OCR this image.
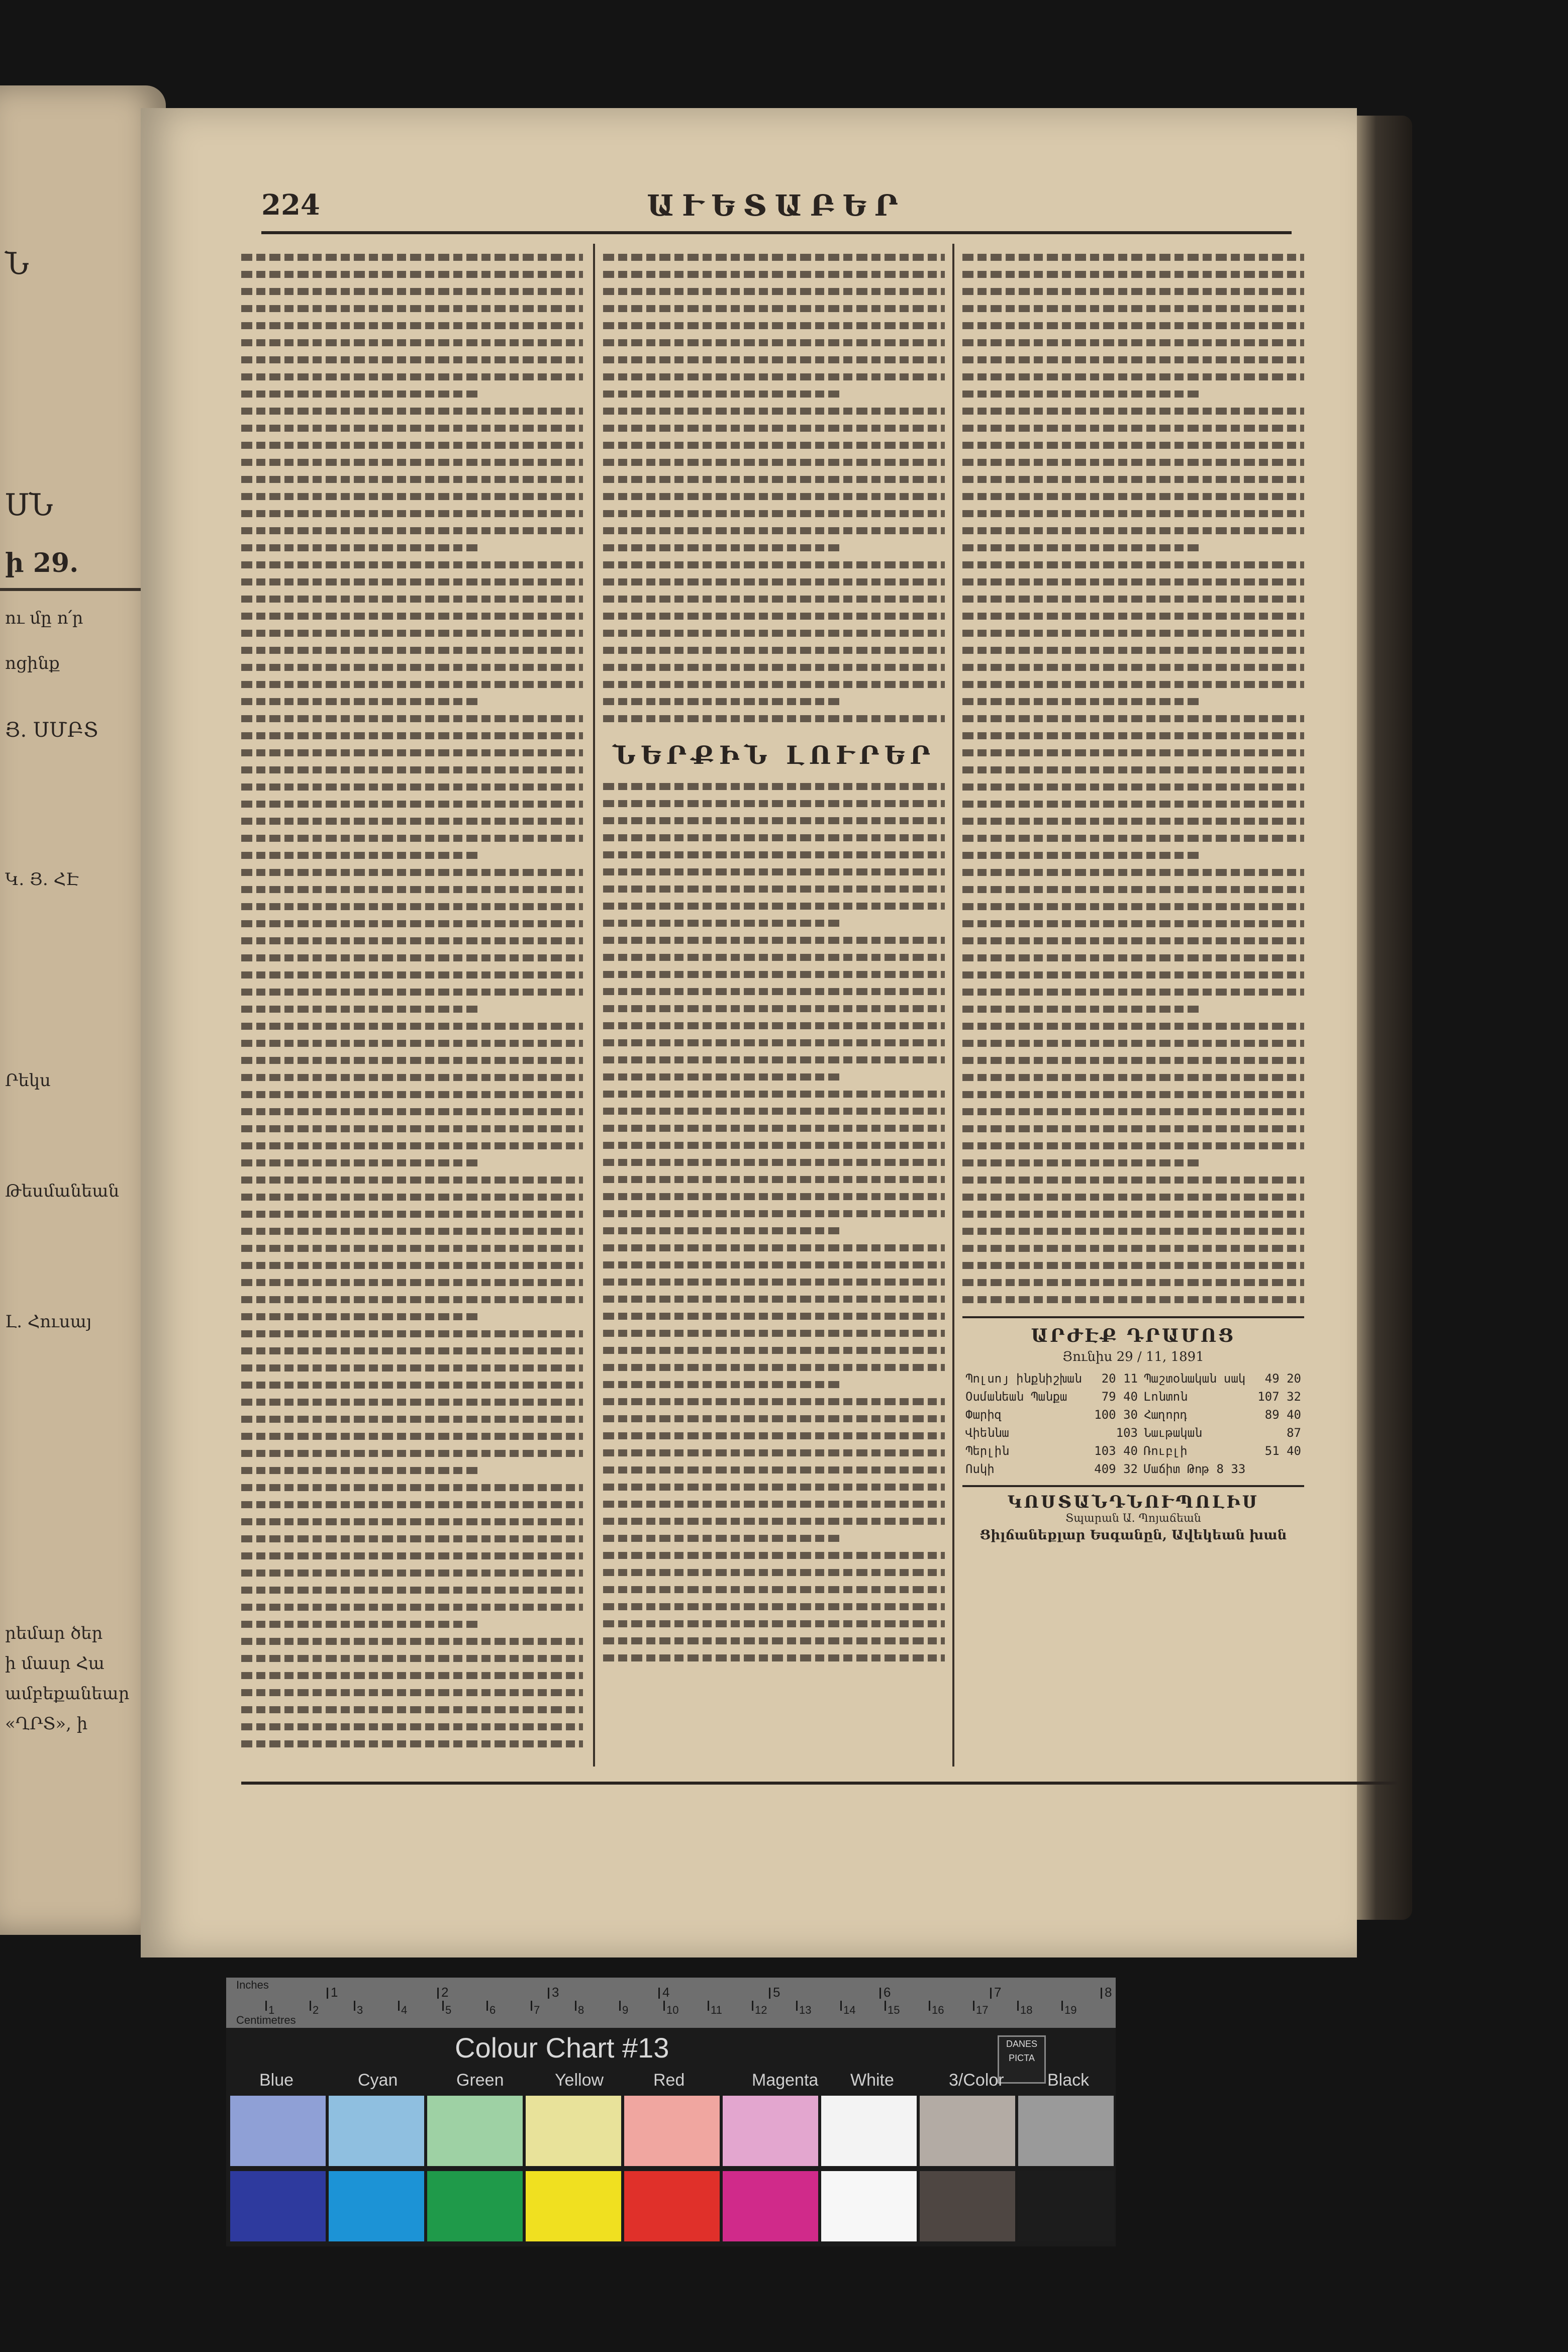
Ն
ՍՆ
ի 29.
ու մը ո՛ր
ոցինք
Յ. ՍՄԲՏ
Կ. Յ. ՀԷ
Րեկս
Թեսմանեան
Լ. Հուսայ
րեմար ծեր
ի մասր Հա
ամբեքանեար
«ՂՐՏ», ի
224	ԱՒԵՏԱԲԵՐ
ՆԵՐՔԻՆ ԼՈՒՐԵՐ
ԱՐԺԷՔ ԴՐԱՄՈՑ
Յունիս 29 / 11, 1891
Պոլսոյ ինքնիշխան	20 11	Պաշտօնական սակ	49 20
Օսմանեան Պանքա	79 40	Լոնտոն	107 32
Փարիզ	100 30	Հաղորդ	89 40
Վիեննա	103	Նաւթական	87
Պերլին	103 40	Ռուբլի	51 40
Ոսկի	409 32	Մաճիտ Թոթ 8 33	
ԿՈՍՏԱՆԴՆՈՒՊՈԼԻՍ
Տպարան Ա. Պոյաճեան
Ցիլճանեքլար Եսգանըն, Ավեկեան խան
Inches
Centimetres
1	2	3	4	5	6	7	8
1	2	3	4	5	6	7	8	9	10	11	12	13	14	15	16	17	18	19
Colour Chart #13	DANES PICTA
Blue	Cyan	Green	Yellow	Red	Magenta White	3/Color	Black
